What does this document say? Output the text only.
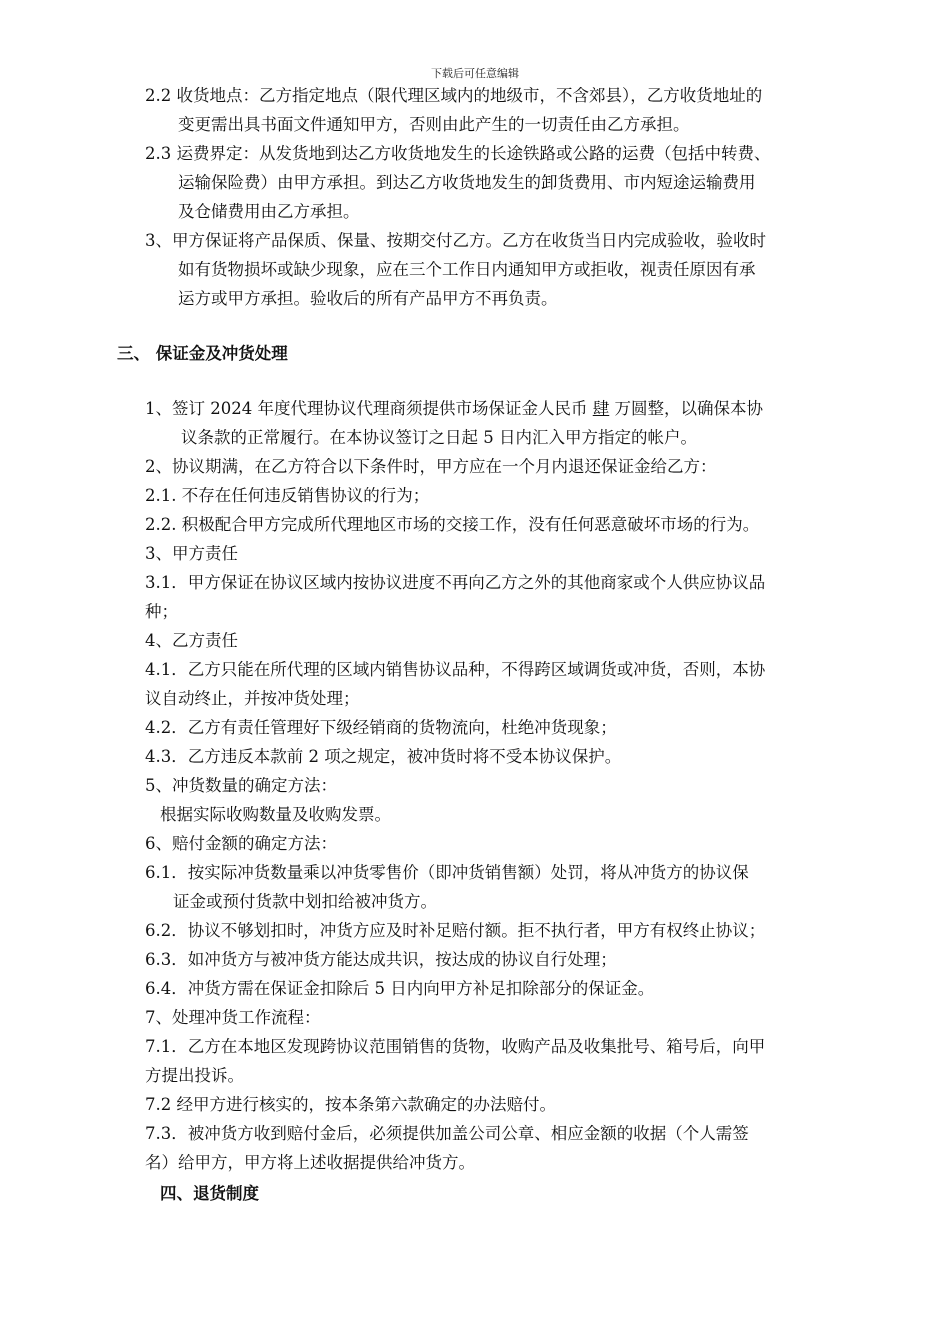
下载后可任意编辑
2.2 收货地点：乙方指定地点（限代理区域内的地级市，不含郊县），乙方收货地址的
变更需出具书面文件通知甲方，否则由此产生的一切责任由乙方承担。
2.3 运费界定：从发货地到达乙方收货地发生的长途铁路或公路的运费（包括中转费、
运输保险费）由甲方承担。到达乙方收货地发生的卸货费用、市内短途运输费用
及仓储费用由乙方承担。
3、甲方保证将产品保质、保量、按期交付乙方。乙方在收货当日内完成验收，验收时
如有货物损坏或缺少现象，应在三个工作日内通知甲方或拒收，视责任原因有承
运方或甲方承担。验收后的所有产品甲方不再负责。
三、 保证金及冲货处理
1、签订 2024 年度代理协议代理商须提供市场保证金人民币 肆 万圆整，以确保本协
议条款的正常履行。在本协议签订之日起 5 日内汇入甲方指定的帐户。
2、协议期满，在乙方符合以下条件时，甲方应在一个月内退还保证金给乙方：
2.1. 不存在任何违反销售协议的行为；
2.2. 积极配合甲方完成所代理地区市场的交接工作，没有任何恶意破坏市场的行为。
3、甲方责任
3.1．甲方保证在协议区域内按协议进度不再向乙方之外的其他商家或个人供应协议品
种；
4、乙方责任
4.1．乙方只能在所代理的区域内销售协议品种，不得跨区域调货或冲货，否则，本协
议自动终止，并按冲货处理；
4.2．乙方有责任管理好下级经销商的货物流向，杜绝冲货现象；
4.3．乙方违反本款前 2 项之规定，被冲货时将不受本协议保护。
5、冲货数量的确定方法：
根据实际收购数量及收购发票。
6、赔付金额的确定方法：
6.1．按实际冲货数量乘以冲货零售价（即冲货销售额）处罚，将从冲货方的协议保
证金或预付货款中划扣给被冲货方。
6.2．协议不够划扣时，冲货方应及时补足赔付额。拒不执行者，甲方有权终止协议；
6.3．如冲货方与被冲货方能达成共识，按达成的协议自行处理；
6.4．冲货方需在保证金扣除后 5 日内向甲方补足扣除部分的保证金。
7、处理冲货工作流程：
7.1．乙方在本地区发现跨协议范围销售的货物，收购产品及收集批号、箱号后，向甲
方提出投诉。
7.2 经甲方进行核实的，按本条第六款确定的办法赔付。
7.3．被冲货方收到赔付金后，必须提供加盖公司公章、相应金额的收据（个人需签
名）给甲方，甲方将上述收据提供给冲货方。
四、退货制度
